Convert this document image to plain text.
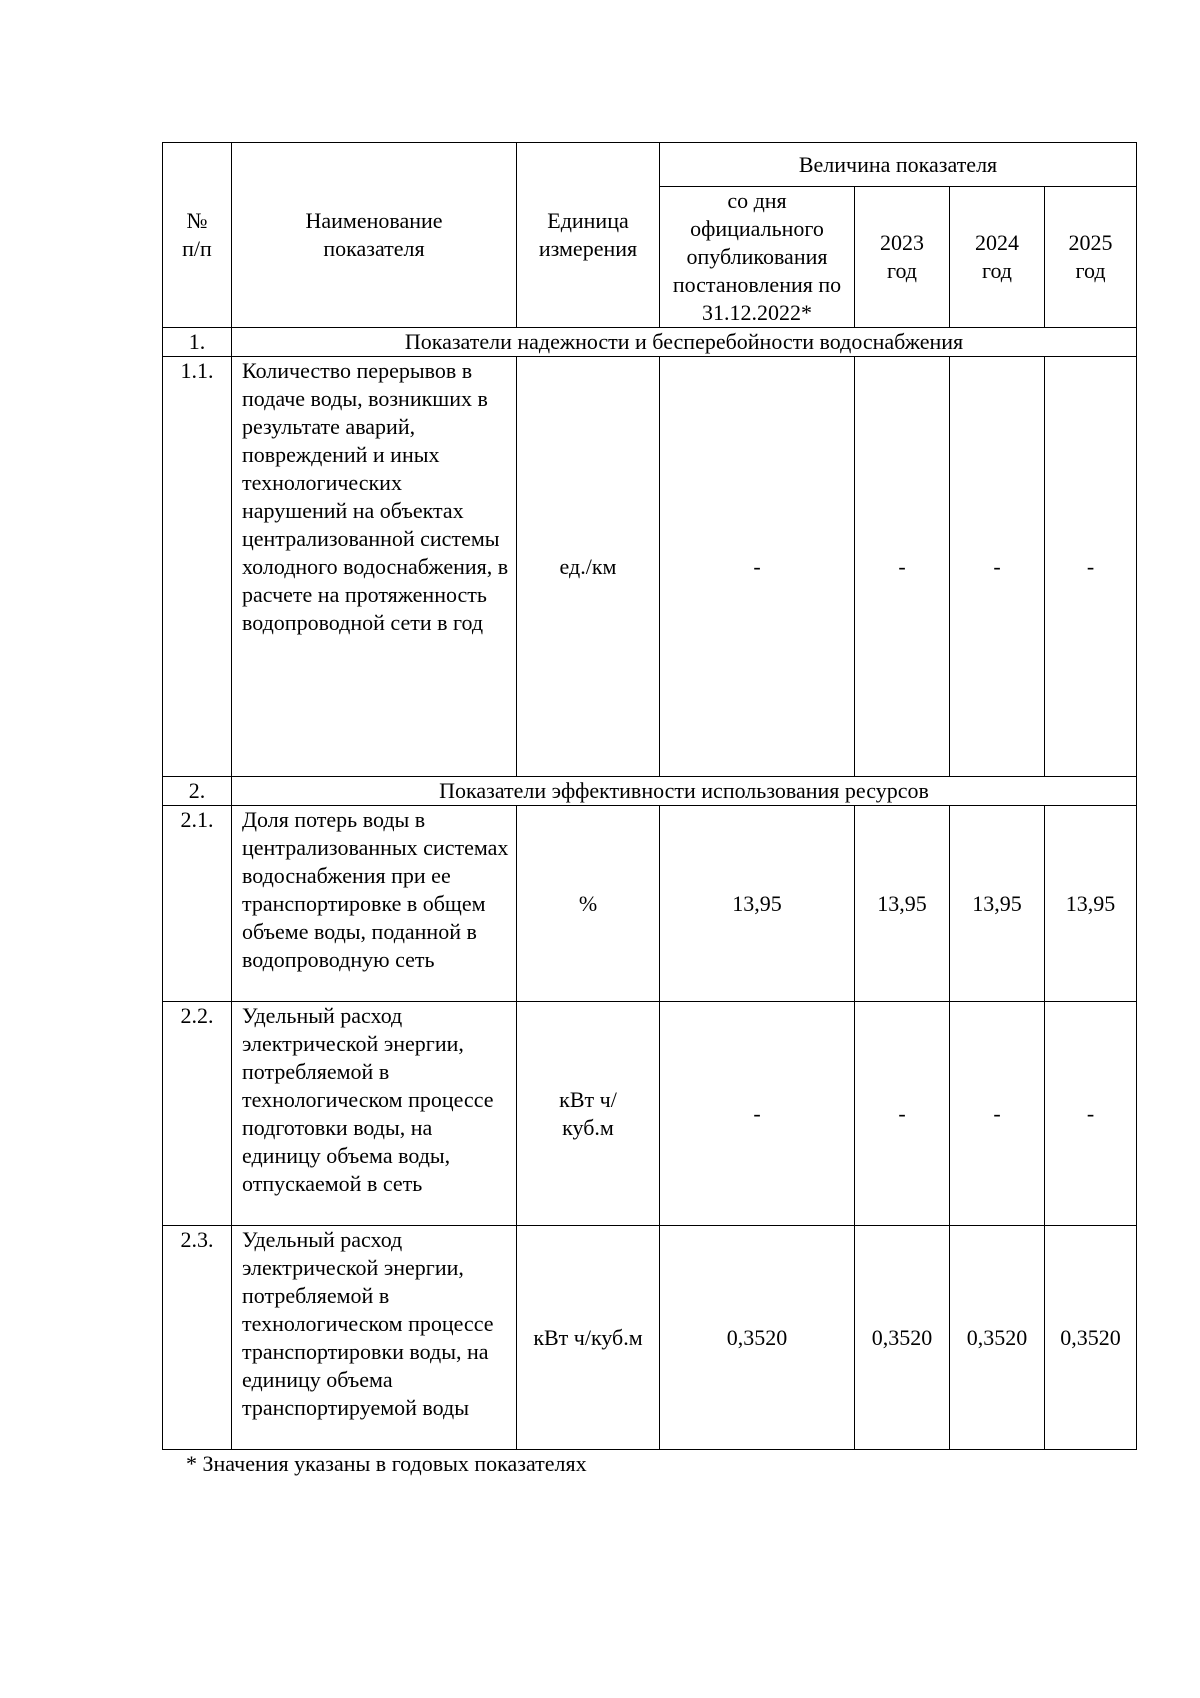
№ п/п	Наименование показателя	Единица измерения	Величина показателя			
			со дня официального опубликования постановления по 31.12.2022*	2023 год	2024 год	2025 год
1.	Показатели надежности и бесперебойности водоснабжения					
1.1.	Количество перерывов в подаче воды, возникших в результате аварий, повреждений и иных технологических нарушений на объектах централизованной системы холодного водоснабжения, в расчете на протяженность водопроводной сети в год	ед./км	-	-	-	-
2.	Показатели эффективности использования ресурсов					
2.1.	Доля потерь воды в централизованных системах водоснабжения при ее транспортировке в общем объеме воды, поданной в водопроводную сеть	%	13,95	13,95	13,95	13,95
2.2.	Удельный расход электрической энергии, потребляемой в технологическом процессе подготовки воды, на единицу объема воды, отпускаемой в сеть	кВт ч/ куб.м	-	-	-	-
2.3.	Удельный расход электрической энергии, потребляемой в технологическом процессе транспортировки воды, на единицу объема транспортируемой воды	кВт ч/куб.м	0,3520	0,3520	0,3520	0,3520
* Значения указаны в годовых показателях
